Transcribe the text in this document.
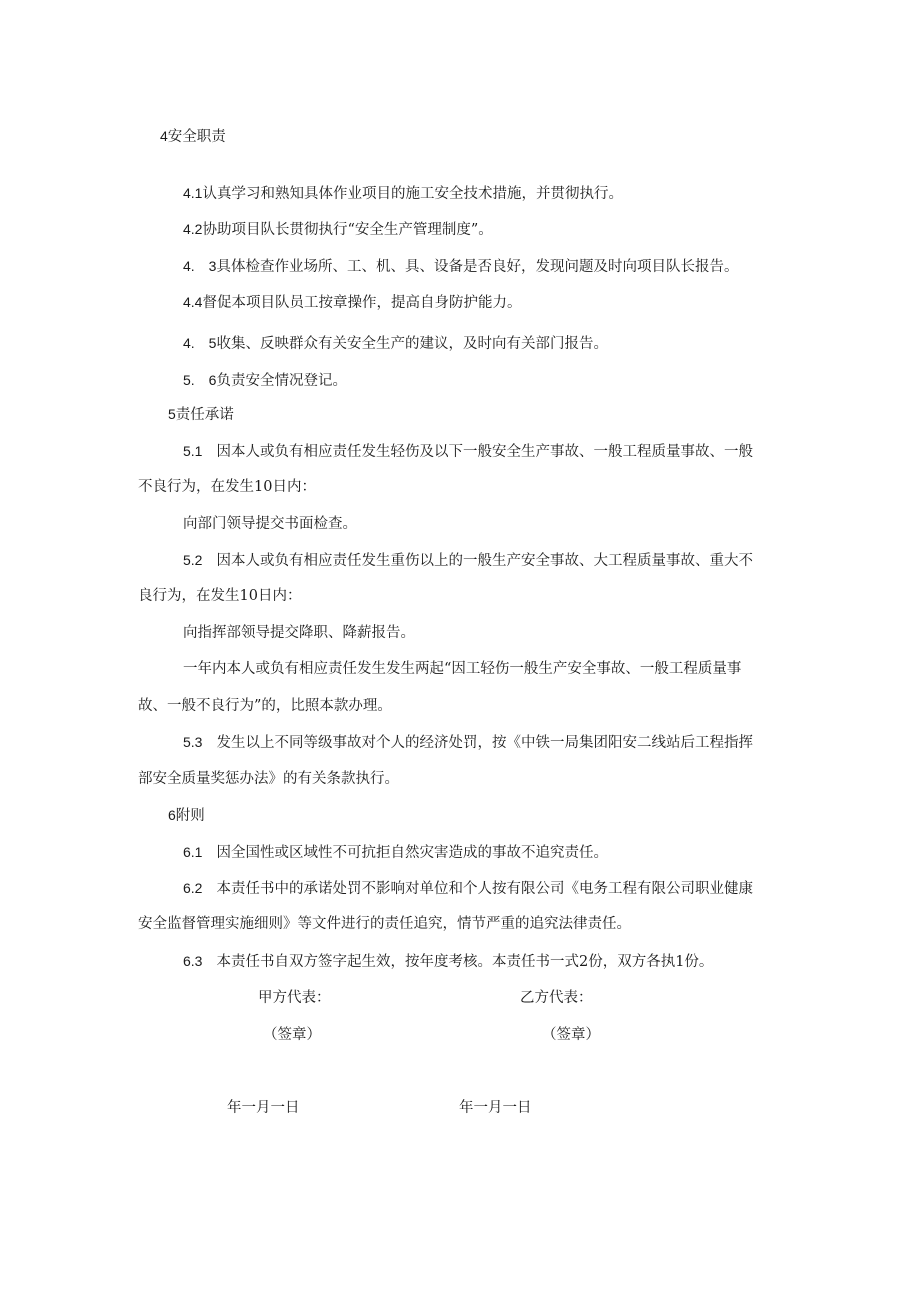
4安全职责
4.1认真学习和熟知具体作业项目的施工安全技术措施，并贯彻执行。
4.2协助项目队长贯彻执行“安全生产管理制度”。
4.　3具体检查作业场所、工、机、具、设备是否良好，发现问题及时向项目队长报告。
4.4督促本项目队员工按章操作，提高自身防护能力。
4.　5收集、反映群众有关安全生产的建议，及时向有关部门报告。
5.　6负责安全情况登记。
5责任承诺
5.1 因本人或负有相应责任发生轻伤及以下一般安全生产事故、一般工程质量事故、一般
不良行为，在发生10日内：
向部门领导提交书面检查。
5.2 因本人或负有相应责任发生重伤以上的一般生产安全事故、大工程质量事故、重大不
良行为，在发生10日内：
向指挥部领导提交降职、降薪报告。
一年内本人或负有相应责任发生发生两起“因工轻伤一般生产安全事故、一般工程质量事
故、一般不良行为”的，比照本款办理。
5.3 发生以上不同等级事故对个人的经济处罚，按《中铁一局集团阳安二线站后工程指挥
部安全质量奖惩办法》的有关条款执行。
6附则
6.1 因全国性或区域性不可抗拒自然灾害造成的事故不追究责任。
6.2 本责任书中的承诺处罚不影响对单位和个人按有限公司《电务工程有限公司职业健康
安全监督管理实施细则》等文件进行的责任追究，情节严重的追究法律责任。
6.3 本责任书自双方签字起生效，按年度考核。本责任书一式2份，双方各执1份。
甲方代表：	乙方代表：
（签章）	（签章）
年一月一日	年一月一日
